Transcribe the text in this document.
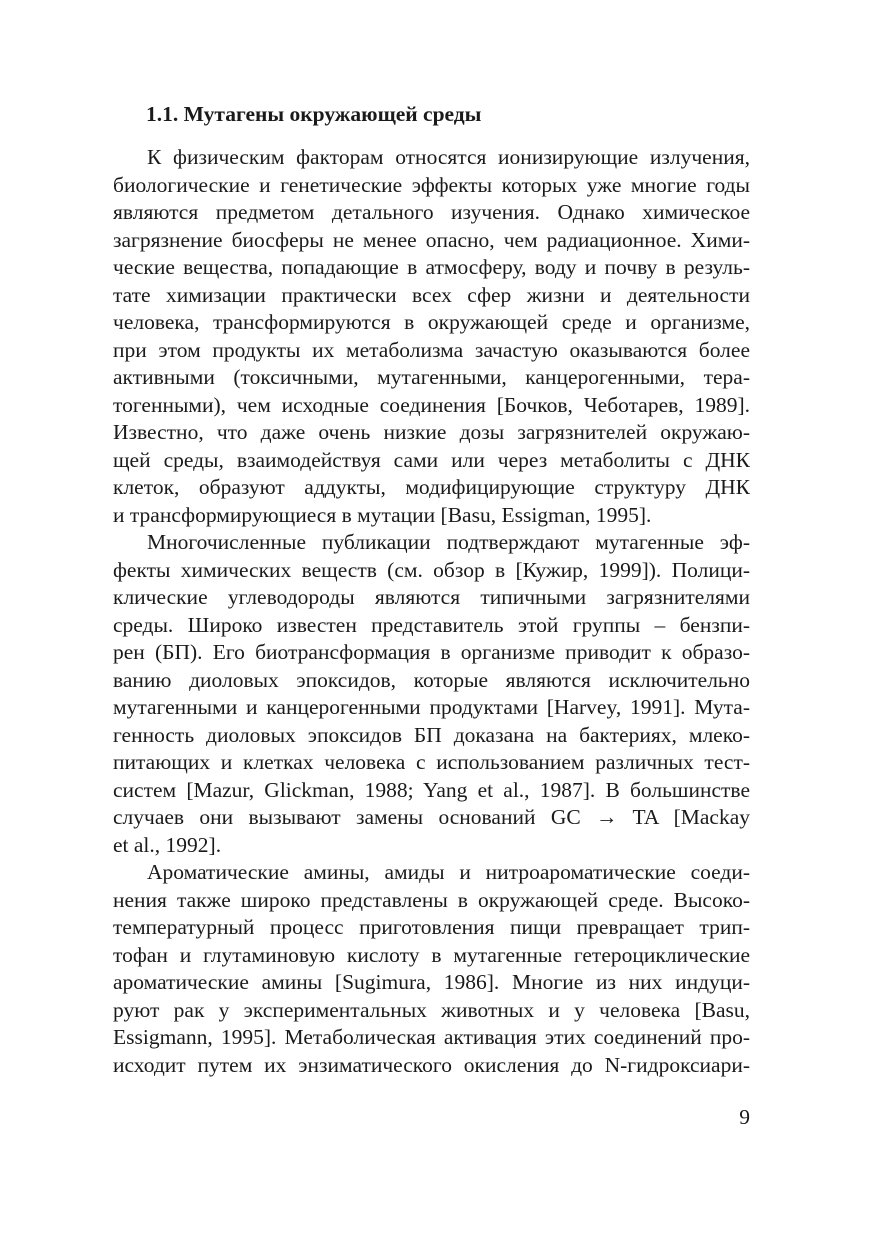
1.1. Мутагены окружающей среды
К физическим факторам относятся ионизирующие излучения,
биологические и генетические эффекты которых уже многие годы
являются предметом детального изучения. Однако химическое
загрязнение биосферы не менее опасно, чем радиационное. Хими-
ческие вещества, попадающие в атмосферу, воду и почву в резуль-
тате химизации практически всех сфер жизни и деятельности
человека, трансформируются в окружающей среде и организме,
при этом продукты их метаболизма зачастую оказываются более
активными (токсичными, мутагенными, канцерогенными, тера-
тогенными), чем исходные соединения [Бочков, Чеботарев, 1989].
Известно, что даже очень низкие дозы загрязнителей окружаю-
щей среды, взаимодействуя сами или через метаболиты с ДНК
клеток, образуют аддукты, модифицирующие структуру ДНК
и трансформирующиеся в мутации [Basu, Essigman, 1995].
Многочисленные публикации подтверждают мутагенные эф-
фекты химических веществ (см. обзор в [Кужир, 1999]). Полици-
клические углеводороды являются типичными загрязнителями
среды. Широко известен представитель этой группы – бензпи-
рен (БП). Его биотрансформация в организме приводит к образо-
ванию диоловых эпоксидов, которые являются исключительно
мутагенными и канцерогенными продуктами [Harvey, 1991]. Мута-
генность диоловых эпоксидов БП доказана на бактериях, млеко-
питающих и клетках человека с использованием различных тест-
систем [Mazur, Glickman, 1988; Yang et al., 1987]. В большинстве
случаев они вызывают замены оснований GC → TA [Mackay
et al., 1992].
Ароматические амины, амиды и нитроароматические соеди-
нения также широко представлены в окружающей среде. Высоко-
температурный процесс приготовления пищи превращает трип-
тофан и глутаминовую кислоту в мутагенные гетероциклические
ароматические амины [Sugimura, 1986]. Многие из них индуци-
руют рак у экспериментальных животных и у человека [Basu,
Essigmann, 1995]. Метаболическая активация этих соединений про-
исходит путем их энзиматического окисления до N-гидроксиари-
9
